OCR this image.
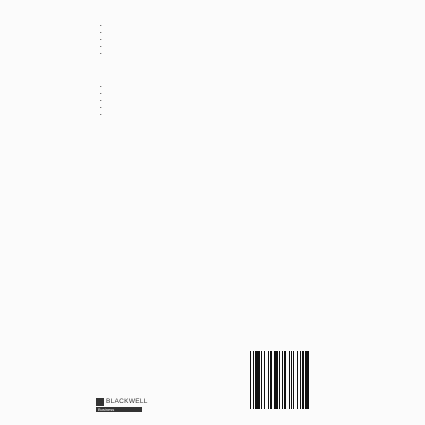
•
•
•
•
•

•
•
•
•
•

BLACKWELL
Business
